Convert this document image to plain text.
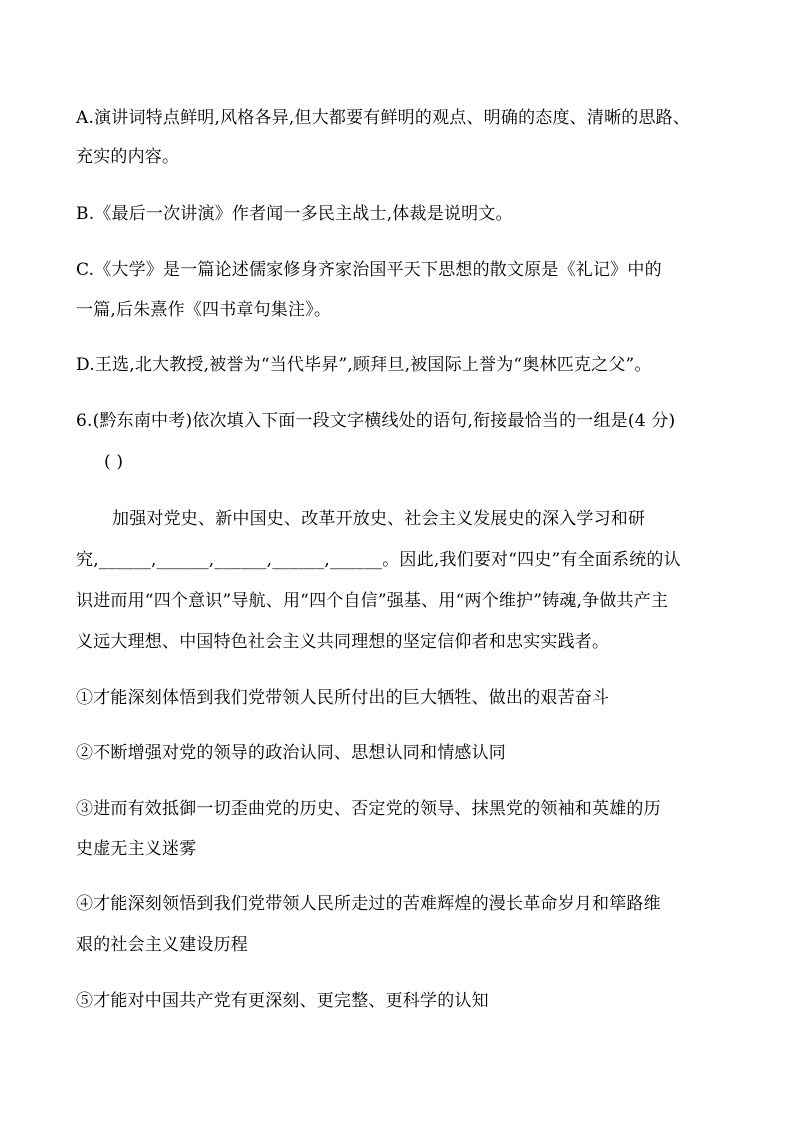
A.演讲词特点鲜明,风格各异,但大都要有鲜明的观点、明确的态度、清晰的思路、
充实的内容。
B.《最后一次讲演》作者闻一多民主战士,体裁是说明文。
C.《大学》是一篇论述儒家修身齐家治国平天下思想的散文原是《礼记》中的
一篇,后朱熹作《四书章句集注》。
D.王选,北大教授,被誉为“当代毕昇”,顾拜旦,被国际上誉为“奥林匹克之父”。
6.(黔东南中考)依次填入下面一段文字横线处的语句,衔接最恰当的一组是(4 分)
( )
加强对党史、新中国史、改革开放史、社会主义发展史的深入学习和研
究,______,______,______,______,______。因此,我们要对“四史”有全面系统的认
识进而用“四个意识”导航、用“四个自信”强基、用“两个维护”铸魂,争做共产主
义远大理想、中国特色社会主义共同理想的坚定信仰者和忠实实践者。
①才能深刻体悟到我们党带领人民所付出的巨大牺牲、做出的艰苦奋斗
②不断增强对党的领导的政治认同、思想认同和情感认同
③进而有效抵御一切歪曲党的历史、否定党的领导、抹黑党的领袖和英雄的历
史虚无主义迷雾
④才能深刻领悟到我们党带领人民所走过的苦难辉煌的漫长革命岁月和筚路维
艰的社会主义建设历程
⑤才能对中国共产党有更深刻、更完整、更科学的认知
